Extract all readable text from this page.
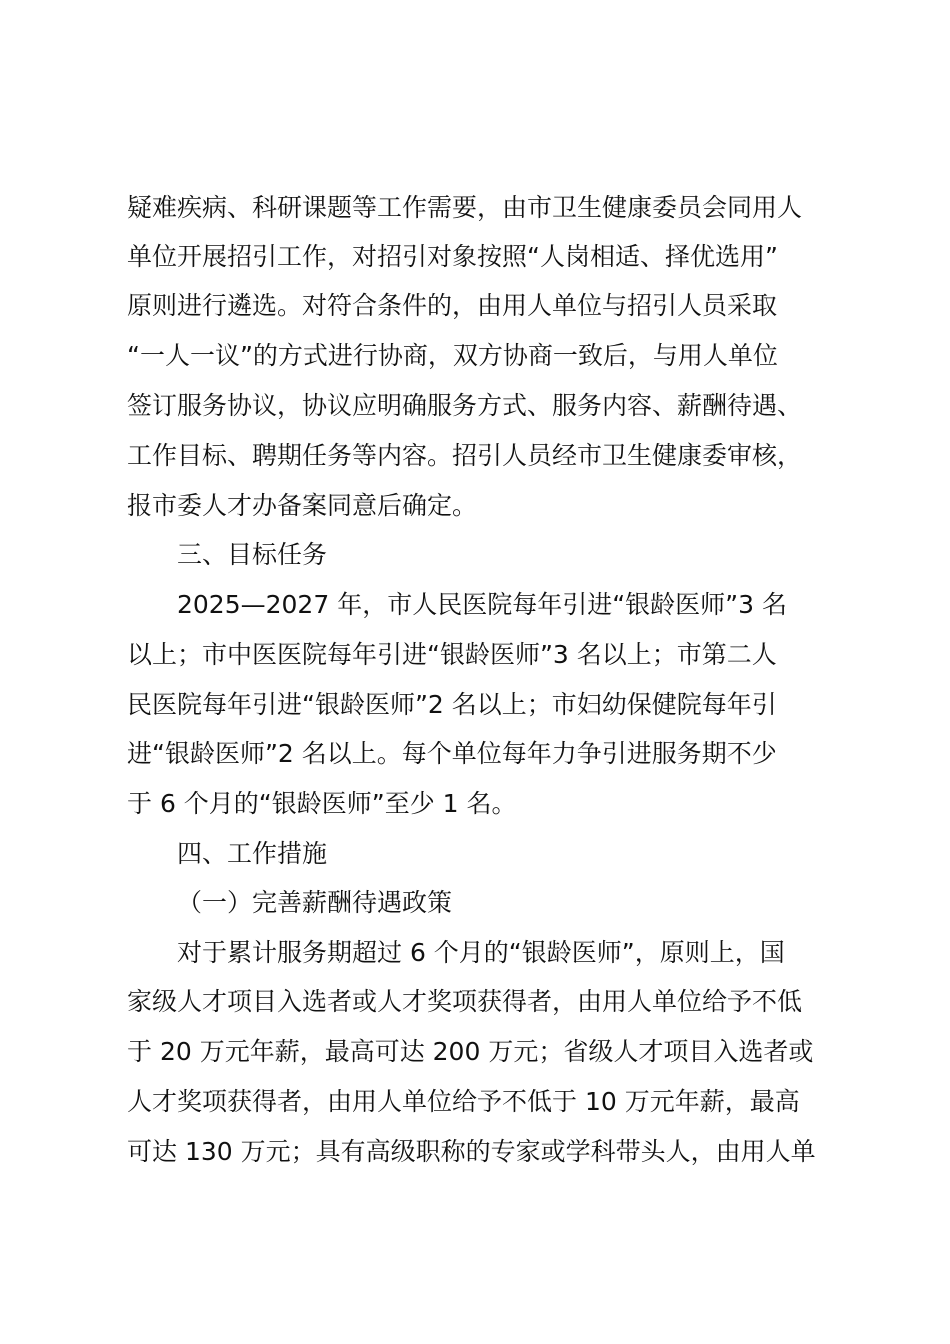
疑难疾病、科研课题等工作需要，由市卫生健康委员会同用人
单位开展招引工作，对招引对象按照“人岗相适、择优选用”
原则进行遴选。对符合条件的，由用人单位与招引人员采取
“一人一议”的方式进行协商，双方协商一致后，与用人单位
签订服务协议，协议应明确服务方式、服务内容、薪酬待遇、
工作目标、聘期任务等内容。招引人员经市卫生健康委审核，
报市委人才办备案同意后确定。
三、目标任务
2025—2027 年，市人民医院每年引进“银龄医师”3 名
以上；市中医医院每年引进“银龄医师”3 名以上；市第二人
民医院每年引进“银龄医师”2 名以上；市妇幼保健院每年引
进“银龄医师”2 名以上。每个单位每年力争引进服务期不少
于 6 个月的“银龄医师”至少 1 名。
四、工作措施
（一）完善薪酬待遇政策
对于累计服务期超过 6 个月的“银龄医师”，原则上，国
家级人才项目入选者或人才奖项获得者，由用人单位给予不低
于 20 万元年薪，最高可达 200 万元；省级人才项目入选者或
人才奖项获得者，由用人单位给予不低于 10 万元年薪，最高
可达 130 万元；具有高级职称的专家或学科带头人，由用人单
